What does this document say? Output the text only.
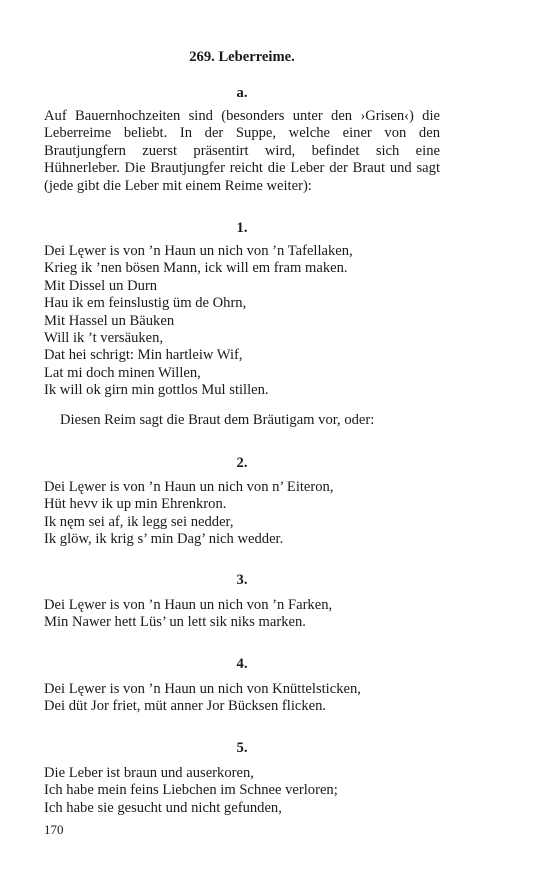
269. Leberreime.
a.
Auf Bauernhochzeiten sind (besonders unter den ›Grisen‹) die Leberreime beliebt. In der Suppe, welche einer von den Brautjungfern zuerst präsentirt wird, befindet sich eine Hühnerleber. Die Brautjungfer reicht die Leber der Braut und sagt (jede gibt die Leber mit einem Reime weiter):
1.
Dei Lęwer is von ’n Haun un nich von ’n Tafellaken,
Krieg ik ’nen bösen Mann, ick will em fram maken.
Mit Dissel un Durn
Hau ik em feinslustig üm de Ohrn,
Mit Hassel un Bäuken
Will ik ’t versäuken,
Dat hei schrigt: Min hartleiw Wif,
Lat mi doch minen Willen,
Ik will ok girn min gottlos Mul stillen.
Diesen Reim sagt die Braut dem Bräutigam vor, oder:
2.
Dei Lęwer is von ’n Haun un nich von n’ Eiteron,
Hüt hevv ik up min Ehrenkron.
Ik nęm sei af, ik legg sei nedder,
Ik glöw, ik krig s’ min Dag’ nich wedder.
3.
Dei Lęwer is von ’n Haun un nich von ’n Farken,
Min Nawer hett Lüs’ un lett sik niks marken.
4.
Dei Lęwer is von ’n Haun un nich von Knüttelsticken,
Dei düt Jor friet, müt anner Jor Bücksen flicken.
5.
Die Leber ist braun und auserkoren,
Ich habe mein feins Liebchen im Schnee verloren;
Ich habe sie gesucht und nicht gefunden,
170
